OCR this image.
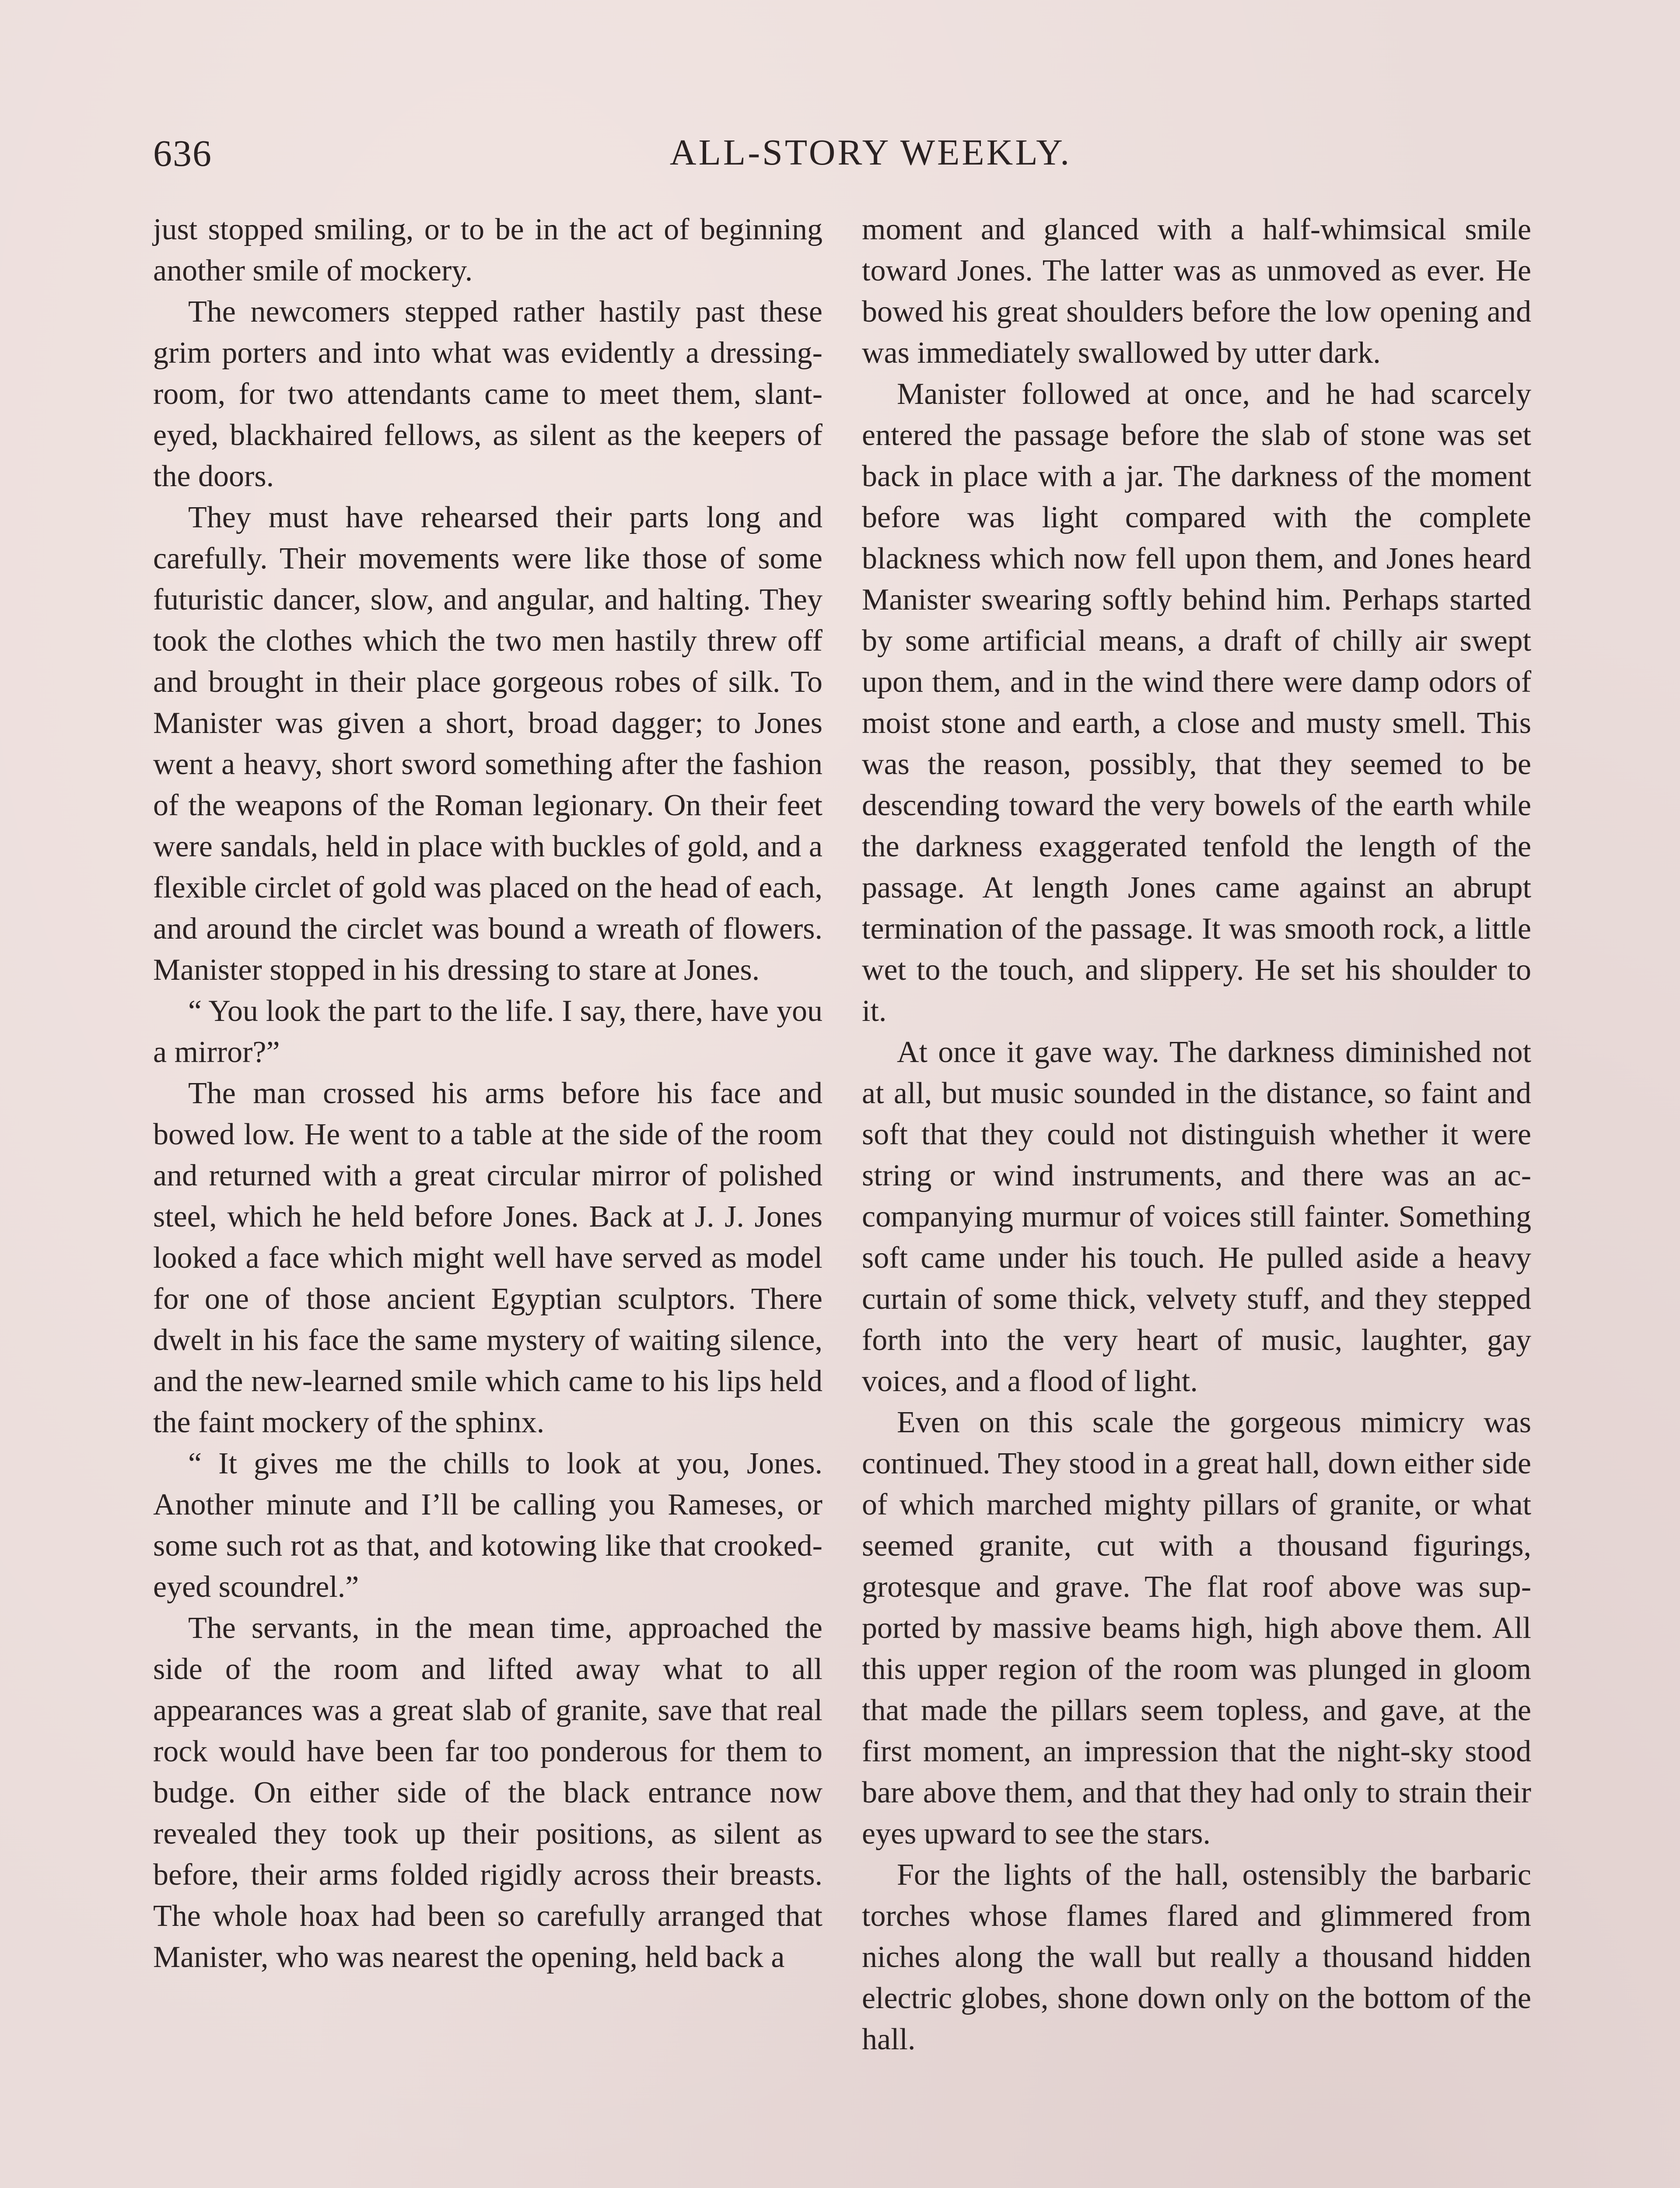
636	ALL-STORY WEEKLY.

just stopped smiling, or to be in the act of beginning another smile of mockery.

The newcomers stepped rather hastily past these grim porters and into what was evidently a dressing-room, for two attendants came to meet them, slant-eyed, blackhaired fellows, as silent as the keepers of the doors.

They must have rehearsed their parts long and carefully. Their movements were like those of some futuristic dancer, slow, and angular, and halting. They took the clothes which the two men hastily threw off and brought in their place gorgeous robes of silk. To Manister was given a short, broad dagger; to Jones went a heavy, short sword something after the fashion of the weapons of the Roman legionary. On their feet were sandals, held in place with buckles of gold, and a flexible circlet of gold was placed on the head of each, and around the circlet was bound a wreath of flowers. Manister stopped in his dressing to stare at Jones.

“ You look the part to the life. I say, there, have you a mirror?”

The man crossed his arms before his face and bowed low. He went to a table at the side of the room and returned with a great circular mirror of polished steel, which he held before Jones. Back at J. J. Jones looked a face which might well have served as model for one of those ancient Egyptian sculptors. There dwelt in his face the same mystery of waiting silence, and the new-learned smile which came to his lips held the faint mockery of the sphinx.

“ It gives me the chills to look at you, Jones. Another minute and I’ll be calling you Rameses, or some such rot as that, and kotowing like that crooked-eyed scoundrel.”

The servants, in the mean time, approached the side of the room and lifted away what to all appearances was a great slab of granite, save that real rock would have been far too ponderous for them to budge. On either side of the black entrance now revealed they took up their positions, as silent as before, their arms folded rigidly across their breasts. The whole hoax had been so carefully arranged that Manister, who was nearest the opening, held back a

moment and glanced with a half-whimsical smile toward Jones. The latter was as unmoved as ever. He bowed his great shoulders before the low opening and was immediately swallowed by utter dark.

Manister followed at once, and he had scarcely entered the passage before the slab of stone was set back in place with a jar. The darkness of the moment before was light compared with the complete blackness which now fell upon them, and Jones heard Manister swearing softly behind him. Perhaps started by some artificial means, a draft of chilly air swept upon them, and in the wind there were damp odors of moist stone and earth, a close and musty smell. This was the reason, possibly, that they seemed to be descending toward the very bowels of the earth while the darkness exaggerated tenfold the length of the passage. At length Jones came against an abrupt termination of the passage. It was smooth rock, a little wet to the touch, and slippery. He set his shoulder to it.

At once it gave way. The darkness diminished not at all, but music sounded in the distance, so faint and soft that they could not distinguish whether it were string or wind instruments, and there was an accompanying murmur of voices still fainter. Something soft came under his touch. He pulled aside a heavy curtain of some thick, velvety stuff, and they stepped forth into the very heart of music, laughter, gay voices, and a flood of light.

Even on this scale the gorgeous mimicry was continued. They stood in a great hall, down either side of which marched mighty pillars of granite, or what seemed granite, cut with a thousand figurings, grotesque and grave. The flat roof above was supported by massive beams high, high above them. All this upper region of the room was plunged in gloom that made the pillars seem topless, and gave, at the first moment, an impression that the night-sky stood bare above them, and that they had only to strain their eyes upward to see the stars.

For the lights of the hall, ostensibly the barbaric torches whose flames flared and glimmered from niches along the wall but really a thousand hidden electric globes, shone down only on the bottom of the hall.
